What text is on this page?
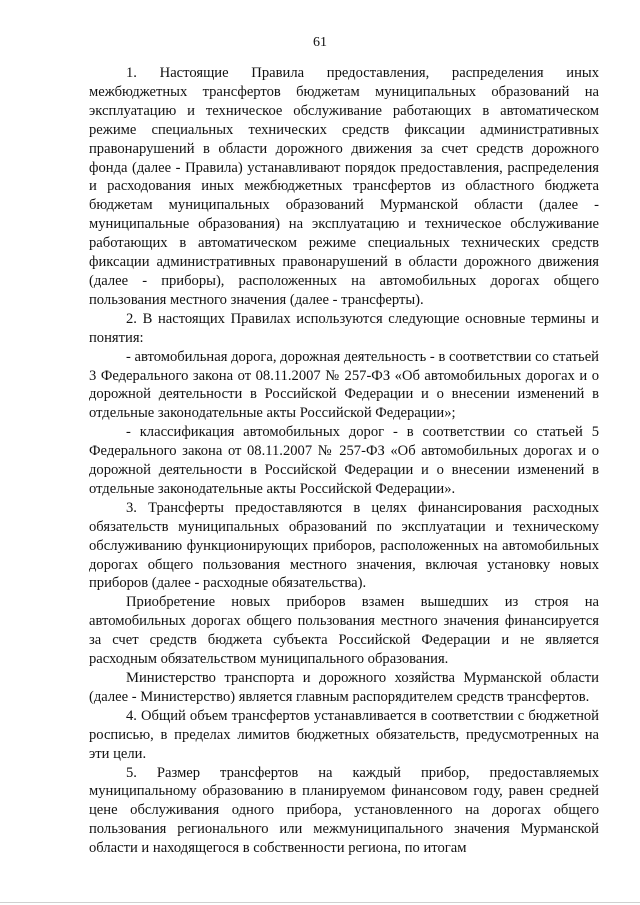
61

1. Настоящие Правила предоставления, распределения иных межбюджетных трансфертов бюджетам муниципальных образований на эксплуатацию и техническое обслуживание работающих в автоматическом режиме специальных технических средств фиксации административных правонарушений в области дорожного движения за счет средств дорожного фонда (далее - Правила) устанавливают порядок предоставления, распределения и расходования иных межбюджетных трансфертов из областного бюджета бюджетам муниципальных образований Мурманской области (далее - муниципальные образования) на эксплуатацию и техническое обслуживание работающих в автоматическом режиме специальных технических средств фиксации административных правонарушений в области дорожного движения (далее - приборы), расположенных на автомобильных дорогах общего пользования местного значения (далее - трансферты).

2. В настоящих Правилах используются следующие основные термины и понятия:

- автомобильная дорога, дорожная деятельность - в соответствии со статьей 3 Федерального закона от 08.11.2007 № 257-ФЗ «Об автомобильных дорогах и о дорожной деятельности в Российской Федерации и о внесении изменений в отдельные законодательные акты Российской Федерации»;

- классификация автомобильных дорог - в соответствии со статьей 5 Федерального закона от 08.11.2007 № 257-ФЗ «Об автомобильных дорогах и о дорожной деятельности в Российской Федерации и о внесении изменений в отдельные законодательные акты Российской Федерации».

3. Трансферты предоставляются в целях финансирования расходных обязательств муниципальных образований по эксплуатации и техническому обслуживанию функционирующих приборов, расположенных на автомобильных дорогах общего пользования местного значения, включая установку новых приборов (далее - расходные обязательства).

Приобретение новых приборов взамен вышедших из строя на автомобильных дорогах общего пользования местного значения финансируется за счет средств бюджета субъекта Российской Федерации и не является расходным обязательством муниципального образования.

Министерство транспорта и дорожного хозяйства Мурманской области (далее - Министерство) является главным распорядителем средств трансфертов.

4. Общий объем трансфертов устанавливается в соответствии с бюджетной росписью, в пределах лимитов бюджетных обязательств, предусмотренных на эти цели.

5. Размер трансфертов на каждый прибор, предоставляемых муниципальному образованию в планируемом финансовом году, равен средней цене обслуживания одного прибора, установленного на дорогах общего пользования регионального или межмуниципального значения Мурманской области и находящегося в собственности региона, по итогам
